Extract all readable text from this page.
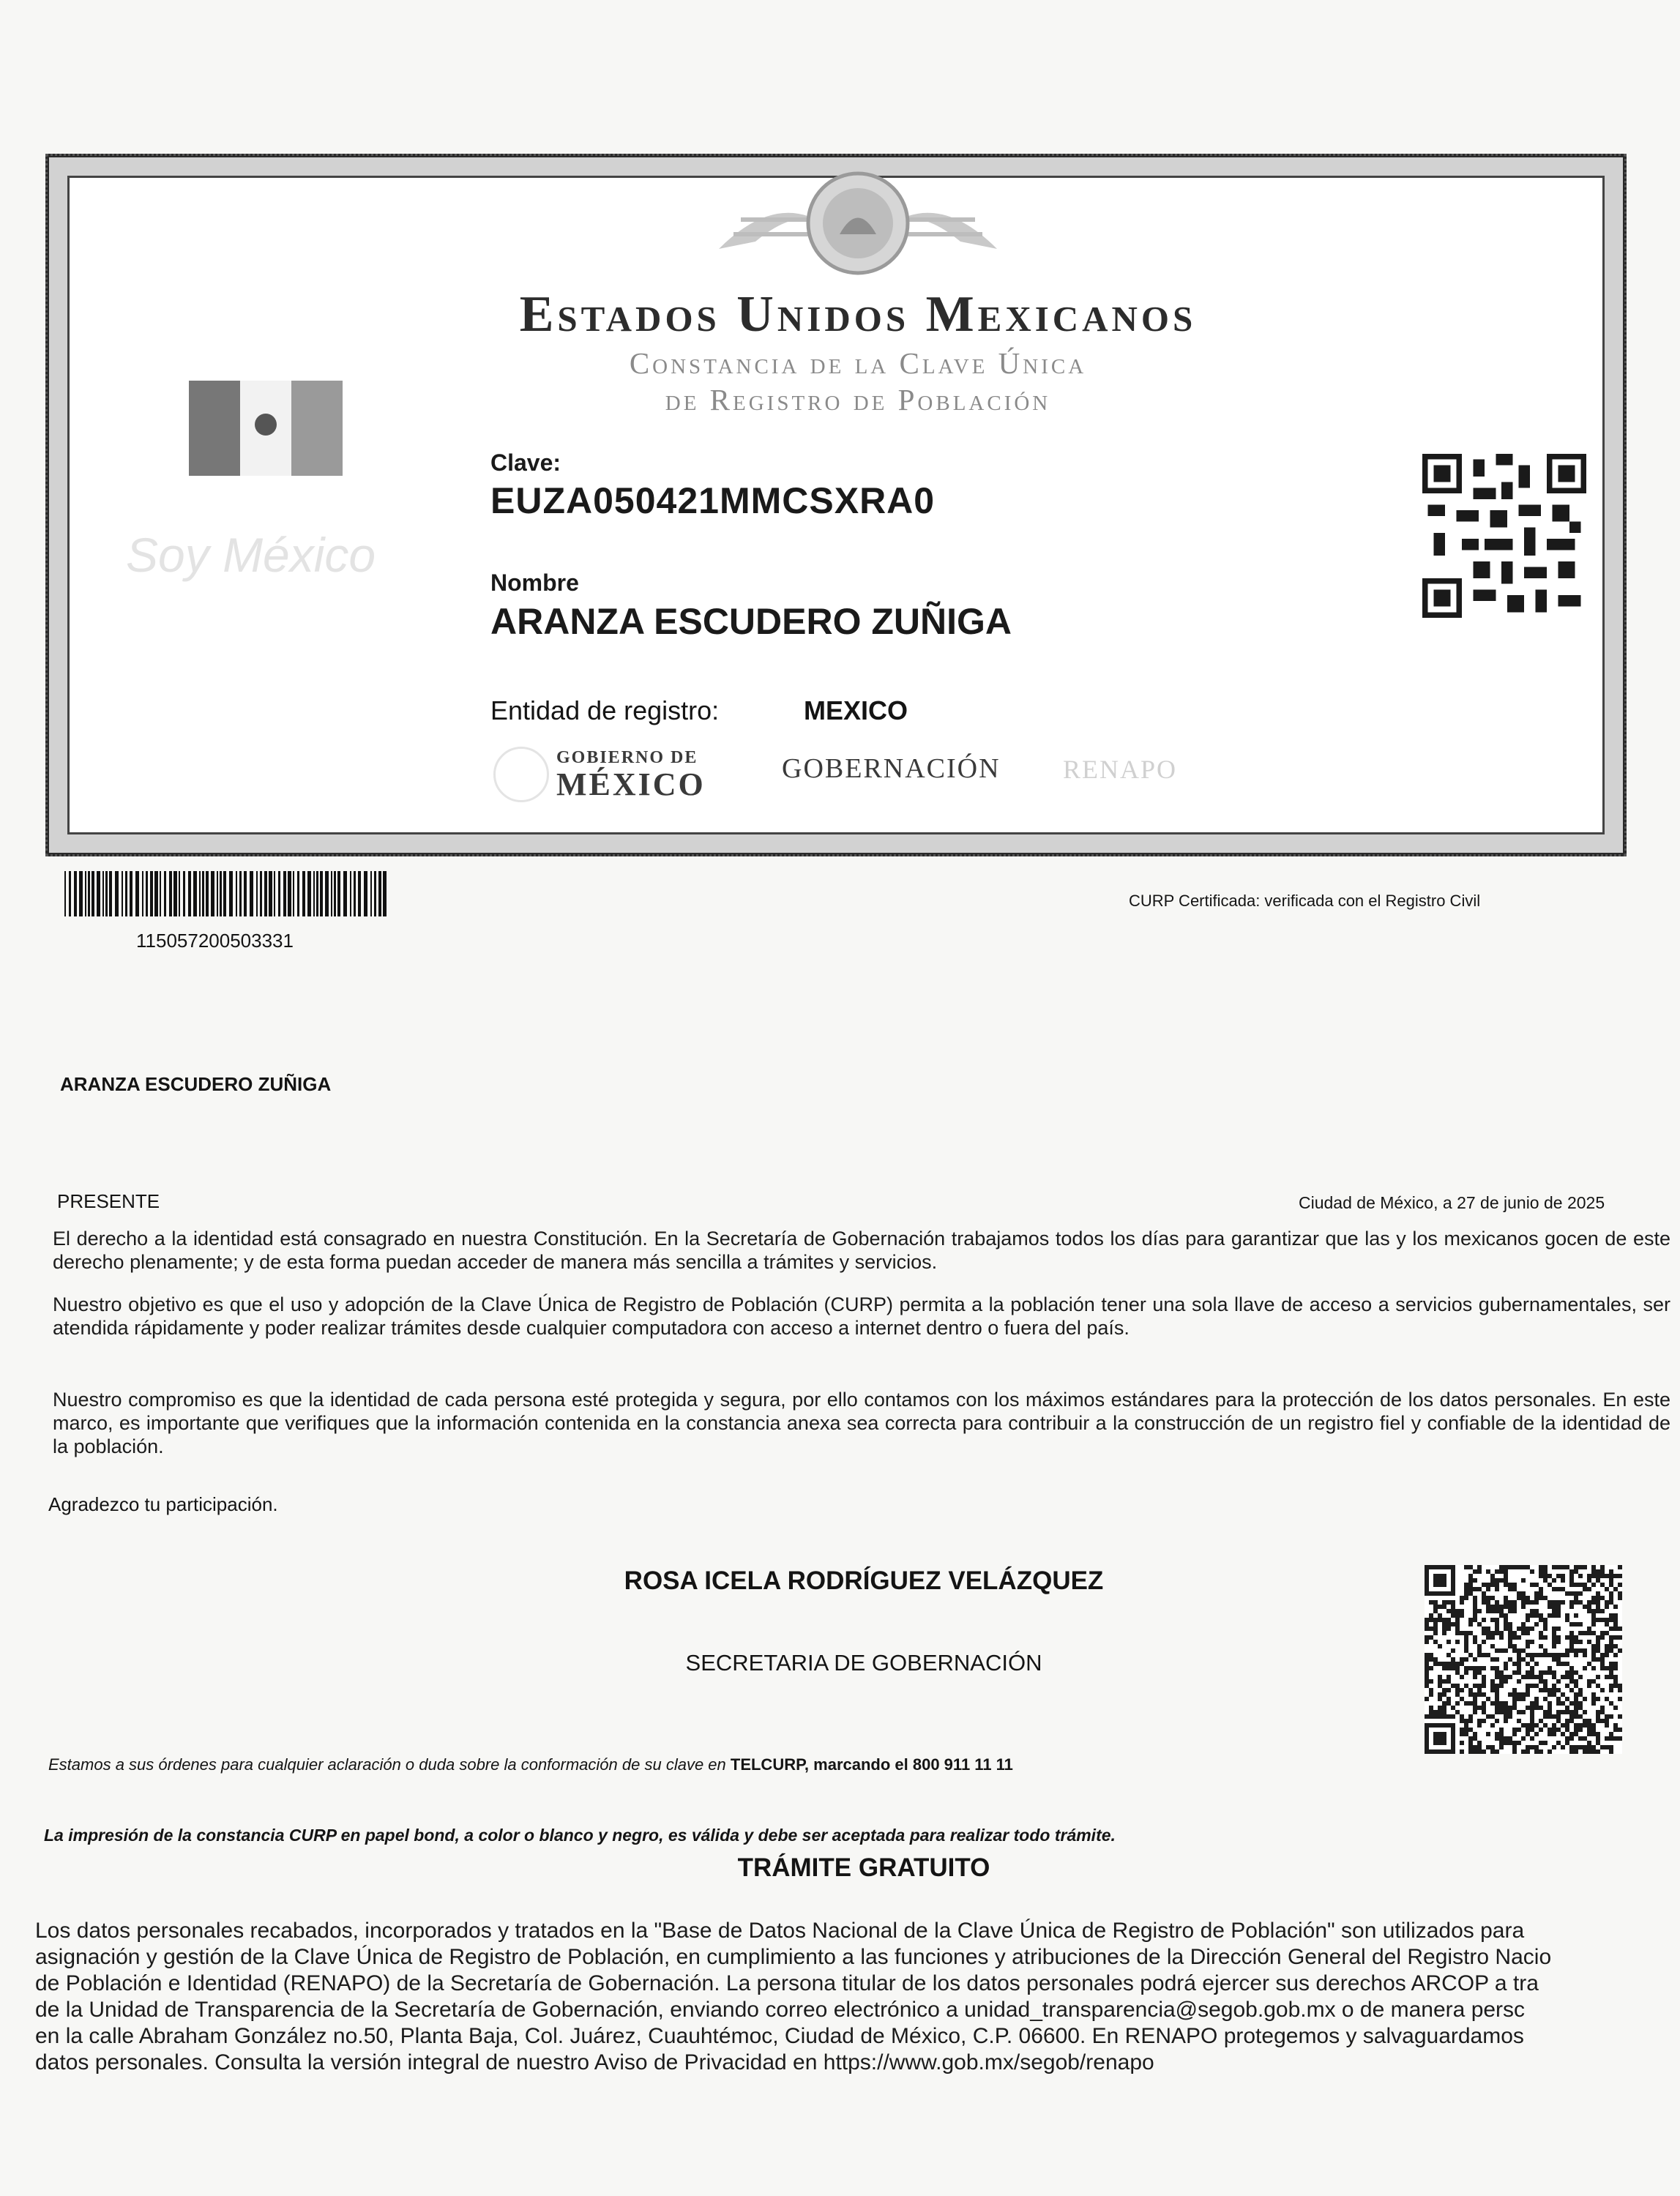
Estados Unidos Mexicanos
Constancia de la Clave Única
de Registro de Población
Soy México
Clave:
EUZA050421MMCSXRA0
Nombre
ARANZA ESCUDERO ZUÑIGA
Entidad de registro:	MEXICO
GOBIERNO DE
MÉXICO	GOBERNACIÓN RENAPO
115057200503331
CURP Certificada: verificada con el Registro Civil
ARANZA ESCUDERO ZUÑIGA
PRESENTE	Ciudad de México, a 27 de junio de 2025
El derecho a la identidad está consagrado en nuestra Constitución. En la Secretaría de Gobernación trabajamos todos los días para garantizar que las y los mexicanos gocen de este derecho plenamente; y de esta forma puedan acceder de manera más sencilla a trámites y servicios.
Nuestro objetivo es que el uso y adopción de la Clave Única de Registro de Población (CURP) permita a la población tener una sola llave de acceso a servicios gubernamentales, ser atendida rápidamente y poder realizar trámites desde cualquier computadora con acceso a internet dentro o fuera del país.
Nuestro compromiso es que la identidad de cada persona esté protegida y segura, por ello contamos con los máximos estándares para la protección de los datos personales. En este marco, es importante que verifiques que la información contenida en la constancia anexa sea correcta para contribuir a la construcción de un registro fiel y confiable de la identidad de la población.
Agradezco tu participación.
ROSA ICELA RODRÍGUEZ VELÁZQUEZ
SECRETARIA DE GOBERNACIÓN
Estamos a sus órdenes para cualquier aclaración o duda sobre la conformación de su clave en TELCURP, marcando el 800 911 11 11
La impresión de la constancia CURP en papel bond, a color o blanco y negro, es válida y debe ser aceptada para realizar todo trámite.
TRÁMITE GRATUITO
Los datos personales recabados, incorporados y tratados en la "Base de Datos Nacional de la Clave Única de Registro de Población" son utilizados para
asignación y gestión de la Clave Única de Registro de Población, en cumplimiento a las funciones y atribuciones de la Dirección General del Registro Nacio
de Población e Identidad (RENAPO) de la Secretaría de Gobernación. La persona titular de los datos personales podrá ejercer sus derechos ARCOP a tra
de la Unidad de Transparencia de la Secretaría de Gobernación, enviando correo electrónico a unidad_transparencia@segob.gob.mx o de manera persc
en la calle Abraham González no.50, Planta Baja, Col. Juárez, Cuauhtémoc, Ciudad de México, C.P. 06600. En RENAPO protegemos y salvaguardamos
datos personales. Consulta la versión integral de nuestro Aviso de Privacidad en https://www.gob.mx/segob/renapo
